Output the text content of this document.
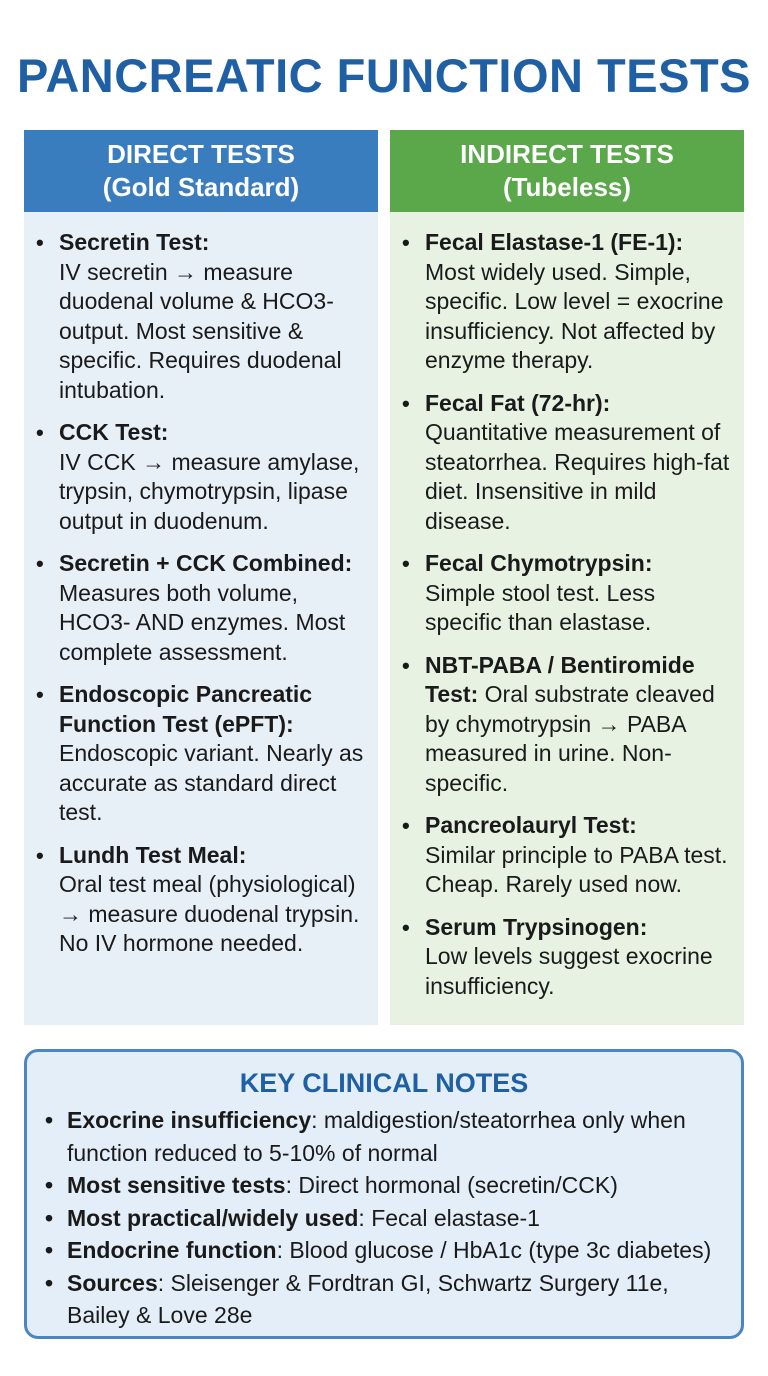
PANCREATIC FUNCTION TESTS
DIRECT TESTS
(Gold Standard)
• Secretin Test:
IV secretin → measure duodenal volume & HCO3- output. Most sensitive & specific. Requires duodenal intubation.
• CCK Test:
IV CCK → measure amylase, trypsin, chymotrypsin, lipase output in duodenum.
• Secretin + CCK Combined:
Measures both volume, HCO3- AND enzymes. Most complete assessment.
• Endoscopic Pancreatic Function Test (ePFT):
Endoscopic variant. Nearly as accurate as standard direct test.
• Lundh Test Meal:
Oral test meal (physiological) → measure duodenal trypsin. No IV hormone needed.
INDIRECT TESTS
(Tubeless)
• Fecal Elastase-1 (FE-1):
Most widely used. Simple, specific. Low level = exocrine insufficiency. Not affected by enzyme therapy.
• Fecal Fat (72-hr):
Quantitative measurement of steatorrhea. Requires high-fat diet. Insensitive in mild disease.
• Fecal Chymotrypsin:
Simple stool test. Less specific than elastase.
• NBT-PABA / Bentiromide Test: Oral substrate cleaved by chymotrypsin → PABA measured in urine. Non-specific.
• Pancreolauryl Test:
Similar principle to PABA test. Cheap. Rarely used now.
• Serum Trypsinogen:
Low levels suggest exocrine insufficiency.
KEY CLINICAL NOTES
• Exocrine insufficiency: maldigestion/steatorrhea only when function reduced to 5-10% of normal
• Most sensitive tests: Direct hormonal (secretin/CCK)
• Most practical/widely used: Fecal elastase-1
• Endocrine function: Blood glucose / HbA1c (type 3c diabetes)
• Sources: Sleisenger & Fordtran GI, Schwartz Surgery 11e, Bailey & Love 28e
